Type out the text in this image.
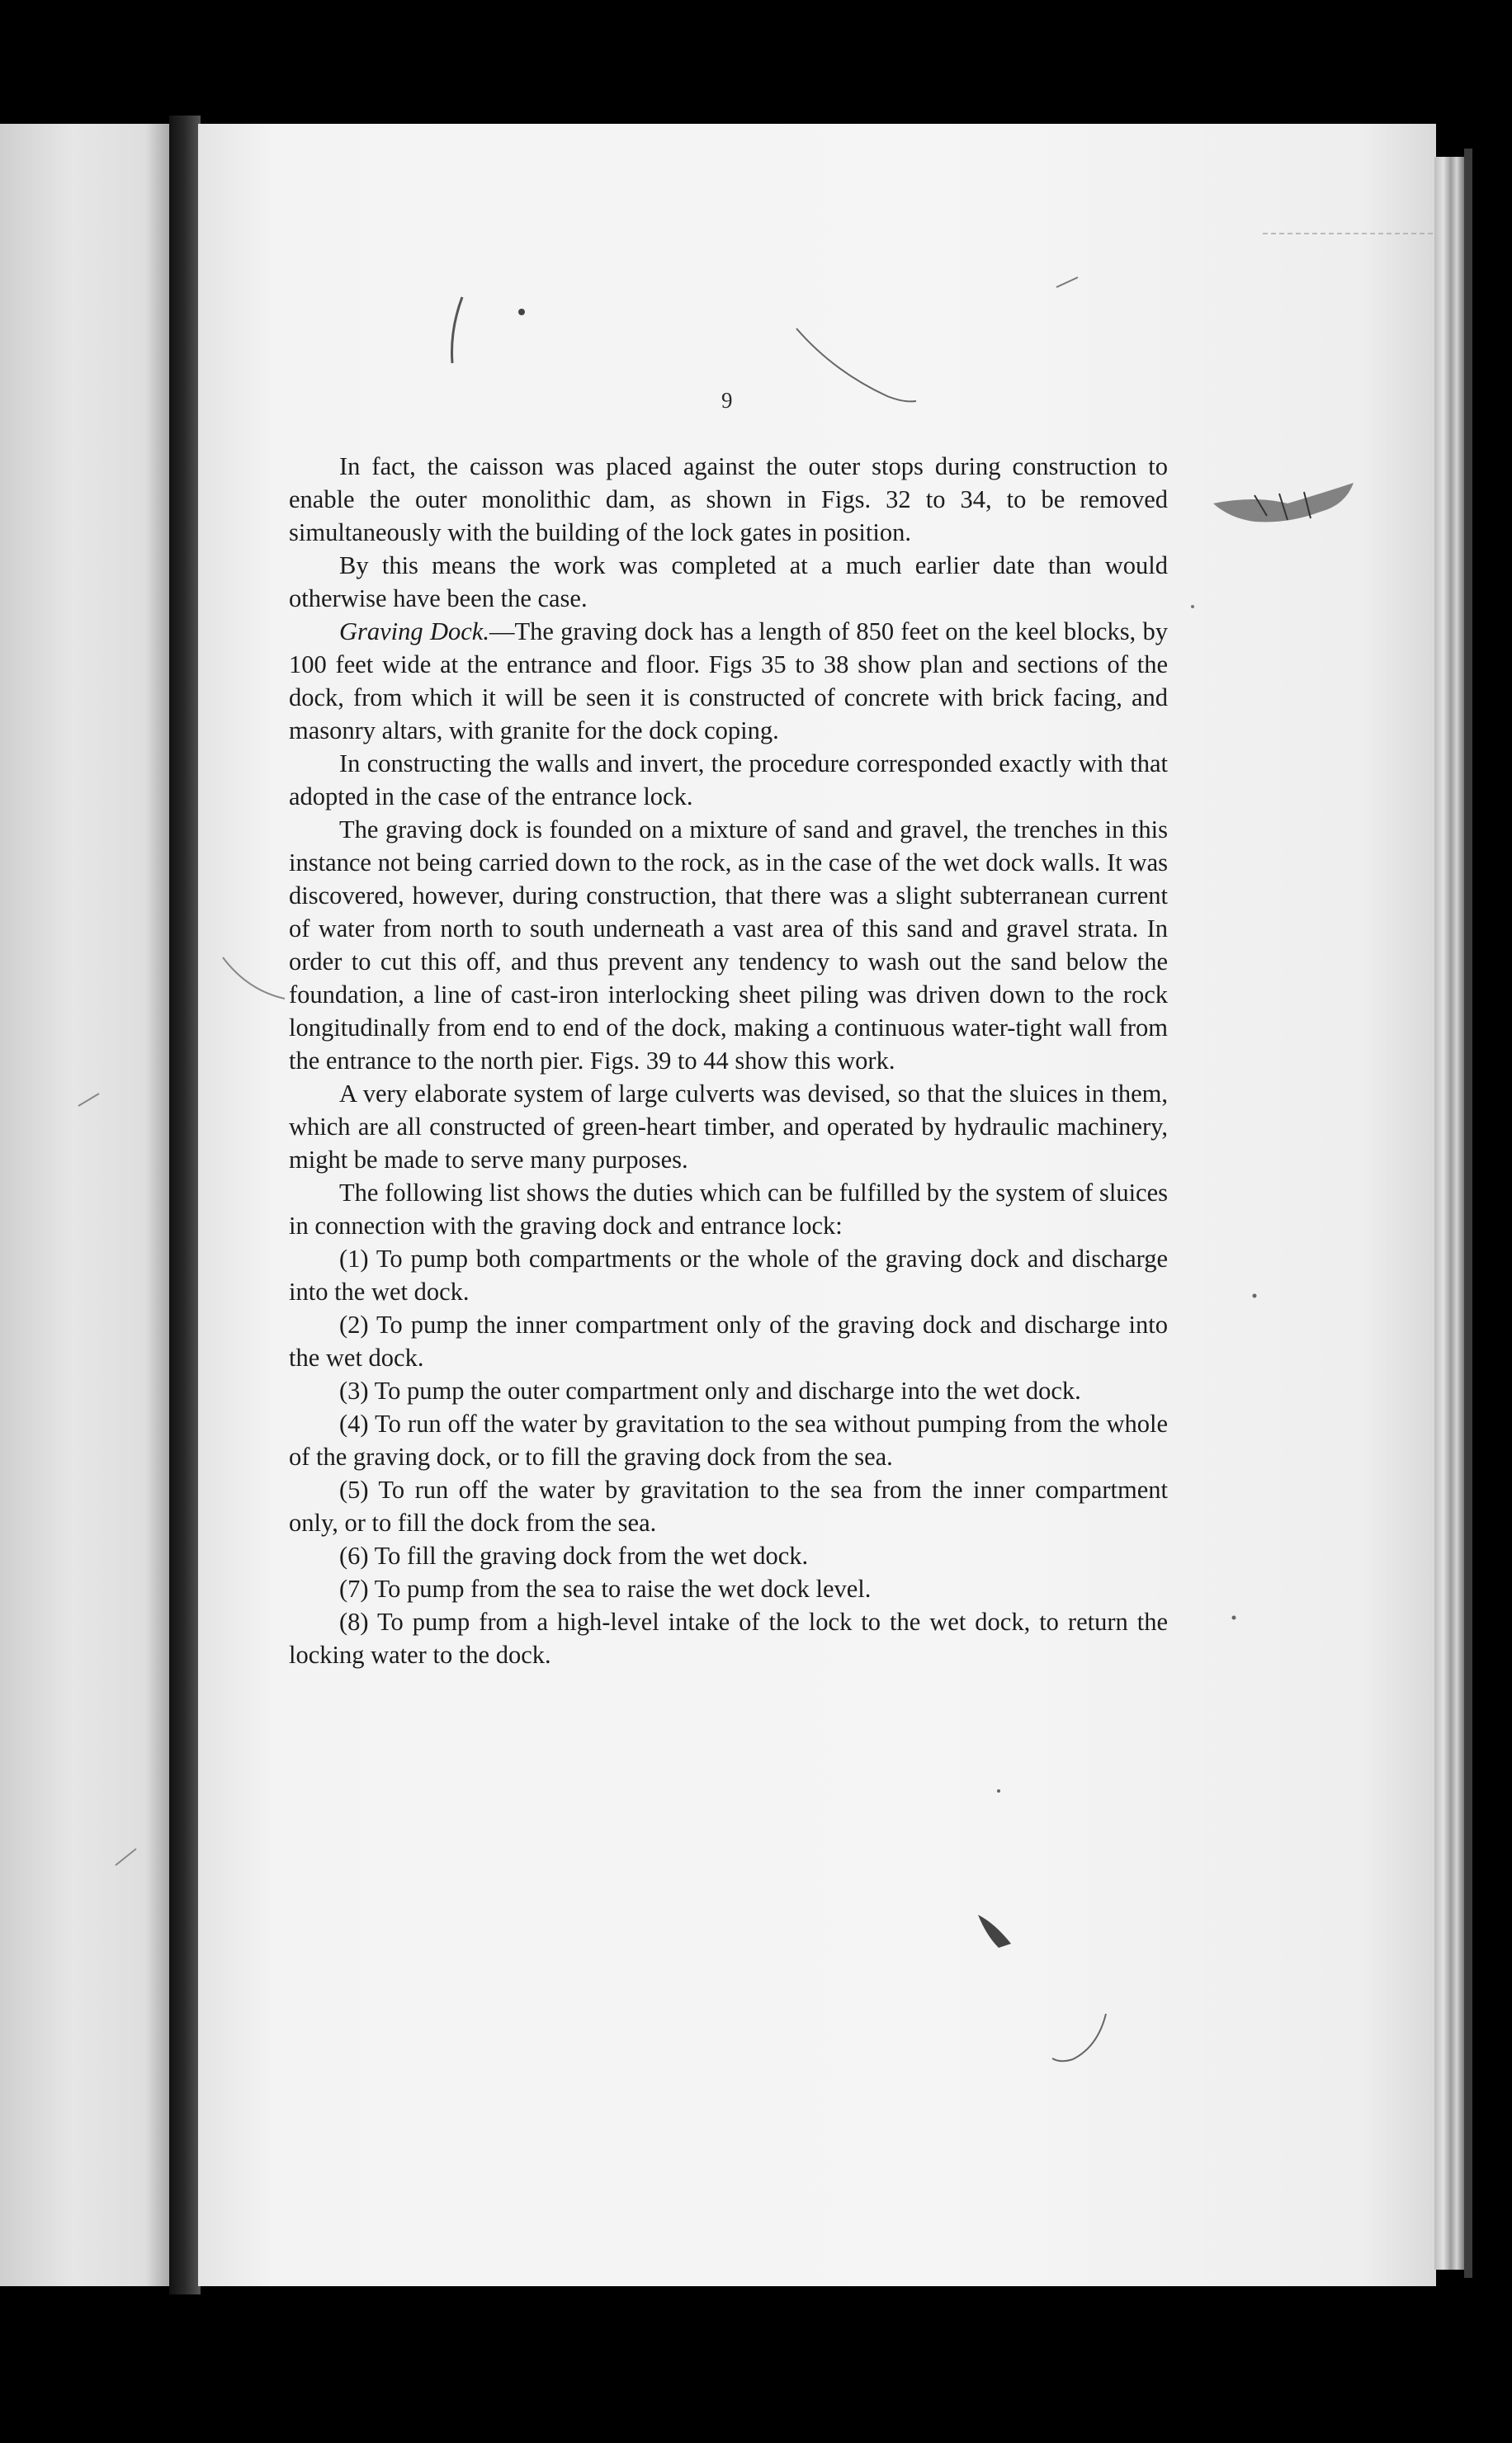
9

In fact, the caisson was placed against the outer stops during construction to enable the outer monolithic dam, as shown in Figs. 32 to 34, to be removed simultaneously with the building of the lock gates in position.

By this means the work was completed at a much earlier date than would otherwise have been the case.

Graving Dock.—The graving dock has a length of 850 feet on the keel blocks, by 100 feet wide at the entrance and floor. Figs 35 to 38 show plan and sections of the dock, from which it will be seen it is constructed of concrete with brick facing, and masonry altars, with granite for the dock coping.

In constructing the walls and invert, the procedure corresponded exactly with that adopted in the case of the entrance lock.

The graving dock is founded on a mixture of sand and gravel, the trenches in this instance not being carried down to the rock, as in the case of the wet dock walls. It was discovered, however, during construction, that there was a slight subterranean current of water from north to south underneath a vast area of this sand and gravel strata. In order to cut this off, and thus prevent any tendency to wash out the sand below the foundation, a line of cast-iron interlocking sheet piling was driven down to the rock longitudinally from end to end of the dock, making a continuous water-tight wall from the entrance to the north pier. Figs. 39 to 44 show this work.

A very elaborate system of large culverts was devised, so that the sluices in them, which are all constructed of green-heart timber, and operated by hydraulic machinery, might be made to serve many purposes.

The following list shows the duties which can be fulfilled by the system of sluices in connection with the graving dock and entrance lock:

(1) To pump both compartments or the whole of the graving dock and discharge into the wet dock.

(2) To pump the inner compartment only of the graving dock and discharge into the wet dock.

(3) To pump the outer compartment only and discharge into the wet dock.

(4) To run off the water by gravitation to the sea without pumping from the whole of the graving dock, or to fill the graving dock from the sea.

(5) To run off the water by gravitation to the sea from the inner compartment only, or to fill the dock from the sea.

(6) To fill the graving dock from the wet dock.

(7) To pump from the sea to raise the wet dock level.

(8) To pump from a high-level intake of the lock to the wet dock, to return the locking water to the dock.
